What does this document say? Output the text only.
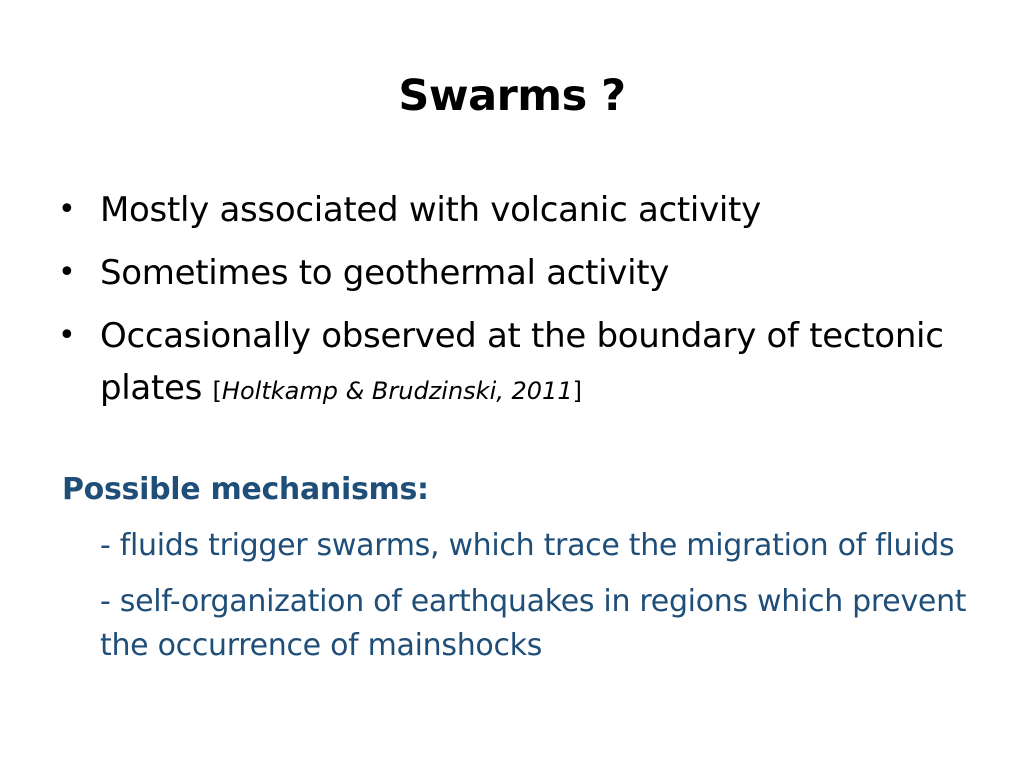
Swarms ?
• Mostly associated with volcanic activity
• Sometimes to geothermal activity
• Occasionally observed at the boundary of tectonic plates [Holtkamp & Brudzinski, 2011]
Possible mechanisms:
- fluids trigger swarms, which trace the migration of fluids
- self-organization of earthquakes in regions which prevent the occurrence of mainshocks
